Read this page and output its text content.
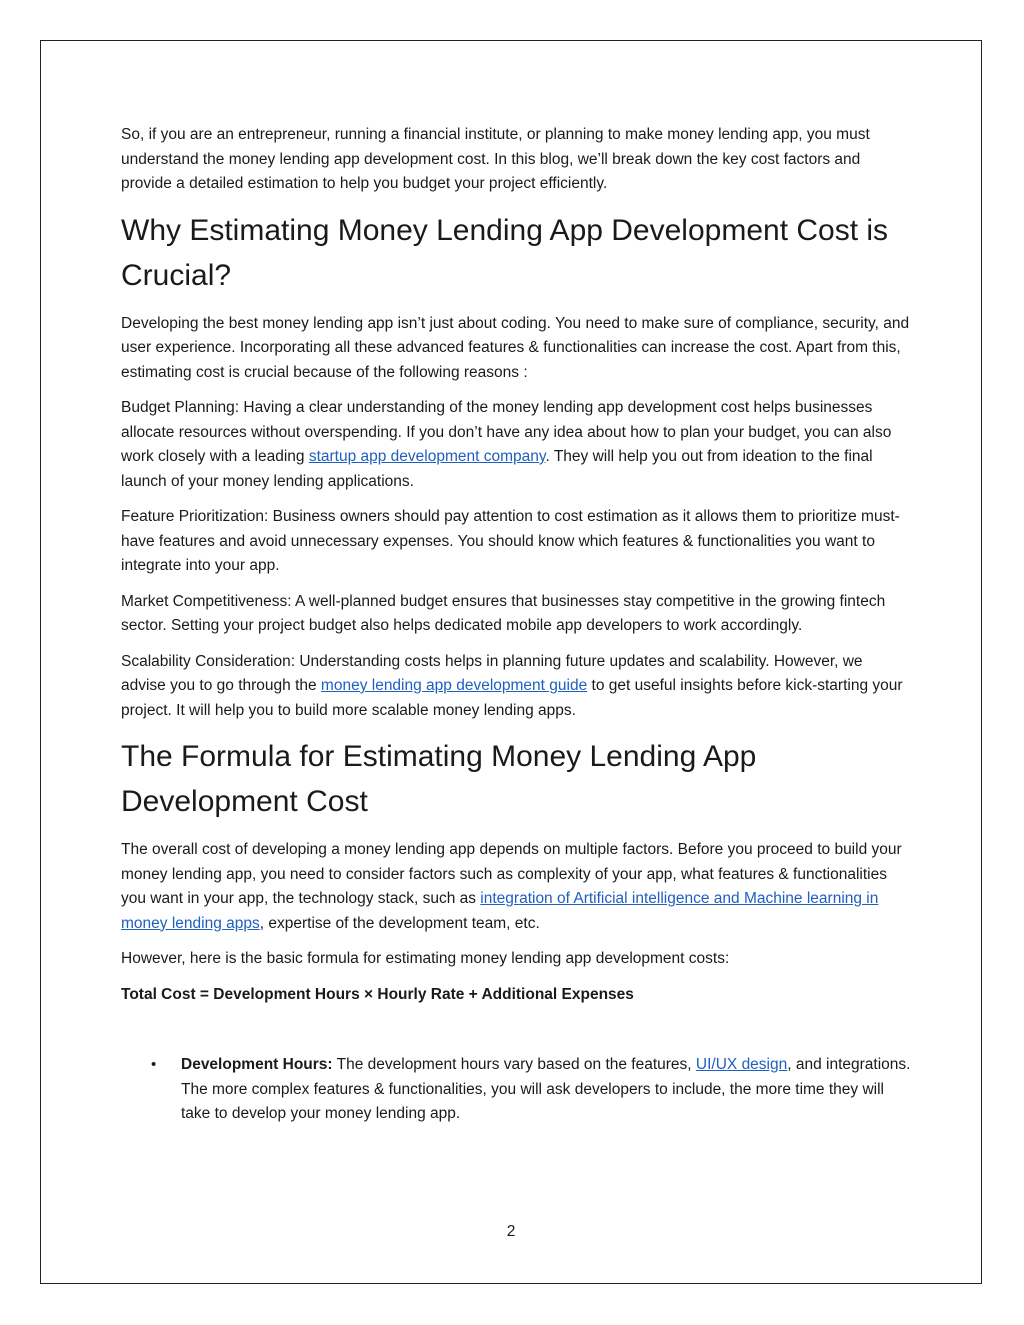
So, if you are an entrepreneur, running a financial institute, or planning to make money lending app, you must understand the money lending app development cost. In this blog, we’ll break down the key cost factors and provide a detailed estimation to help you budget your project efficiently.

Why Estimating Money Lending App Development Cost is Crucial?

Developing the best money lending app isn’t just about coding. You need to make sure of compliance, security, and user experience. Incorporating all these advanced features & functionalities can increase the cost. Apart from this, estimating cost is crucial because of the following reasons :

Budget Planning: Having a clear understanding of the money lending app development cost helps businesses allocate resources without overspending. If you don’t have any idea about how to plan your budget, you can also work closely with a leading startup app development company. They will help you out from ideation to the final launch of your money lending applications.

Feature Prioritization: Business owners should pay attention to cost estimation as it allows them to prioritize must-have features and avoid unnecessary expenses. You should know which features & functionalities you want to integrate into your app.

Market Competitiveness: A well-planned budget ensures that businesses stay competitive in the growing fintech sector. Setting your project budget also helps dedicated mobile app developers to work accordingly.

Scalability Consideration: Understanding costs helps in planning future updates and scalability. However, we advise you to go through the money lending app development guide to get useful insights before kick-starting your project. It will help you to build more scalable money lending apps.

The Formula for Estimating Money Lending App Development Cost

The overall cost of developing a money lending app depends on multiple factors. Before you proceed to build your money lending app, you need to consider factors such as complexity of your app, what features & functionalities you want in your app, the technology stack, such as integration of Artificial intelligence and Machine learning in money lending apps, expertise of the development team, etc.

However, here is the basic formula for estimating money lending app development costs:

Total Cost = Development Hours × Hourly Rate + Additional Expenses

• Development Hours: The development hours vary based on the features, UI/UX design, and integrations. The more complex features & functionalities, you will ask developers to include, the more time they will take to develop your money lending app.
2
